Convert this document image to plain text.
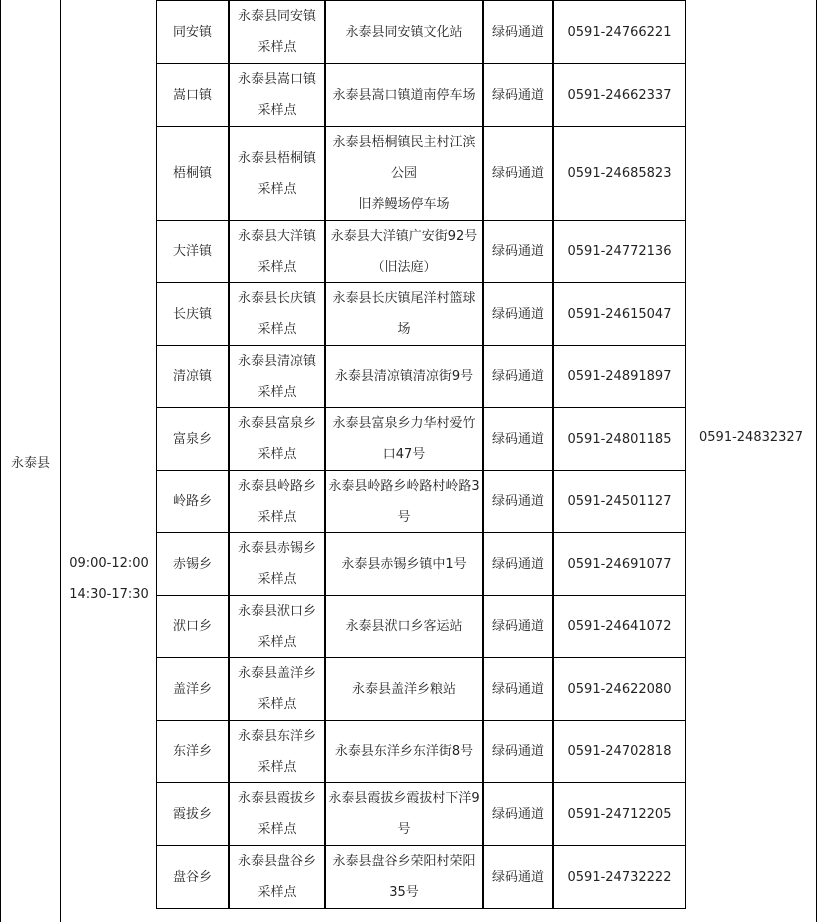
永泰县
09:00-12:00
14:30-17:30
同安镇
永泰县同安镇
采样点
永泰县同安镇文化站 绿码通道 0591-24766221
嵩口镇
永泰县嵩口镇
采样点
永泰县嵩口镇道南停车场 绿码通道 0591-24662337
梧桐镇
永泰县梧桐镇
采样点
永泰县梧桐镇民主村江滨
公园
旧养鳗场停车场
绿码通道 0591-24685823
大洋镇
永泰县大洋镇
采样点
永泰县大洋镇广安街92号
（旧法庭）
绿码通道 0591-24772136
长庆镇
永泰县长庆镇
采样点
永泰县长庆镇尾洋村篮球
场
绿码通道 0591-24615047
清凉镇
永泰县清凉镇
采样点
永泰县清凉镇清凉街9号 绿码通道 0591-24891897
富泉乡
永泰县富泉乡
采样点
永泰县富泉乡力华村爱竹
口47号
绿码通道 0591-24801185
岭路乡
永泰县岭路乡
采样点
永泰县岭路乡岭路村岭路3
号
绿码通道 0591-24501127
赤锡乡
永泰县赤锡乡
采样点
永泰县赤锡乡镇中1号 绿码通道 0591-24691077
洑口乡
永泰县洑口乡
采样点
永泰县洑口乡客运站 绿码通道 0591-24641072
盖洋乡
永泰县盖洋乡
采样点
永泰县盖洋乡粮站	绿码通道 0591-24622080
东洋乡
永泰县东洋乡
采样点
永泰县东洋乡东洋街8号 绿码通道 0591-24702818
霞拔乡
永泰县霞拔乡
采样点
永泰县霞拔乡霞拔村下洋9
号
绿码通道 0591-24712205
盘谷乡
永泰县盘谷乡
采样点
永泰县盘谷乡荣阳村荣阳
35号
绿码通道 0591-24732222
0591-24832327
